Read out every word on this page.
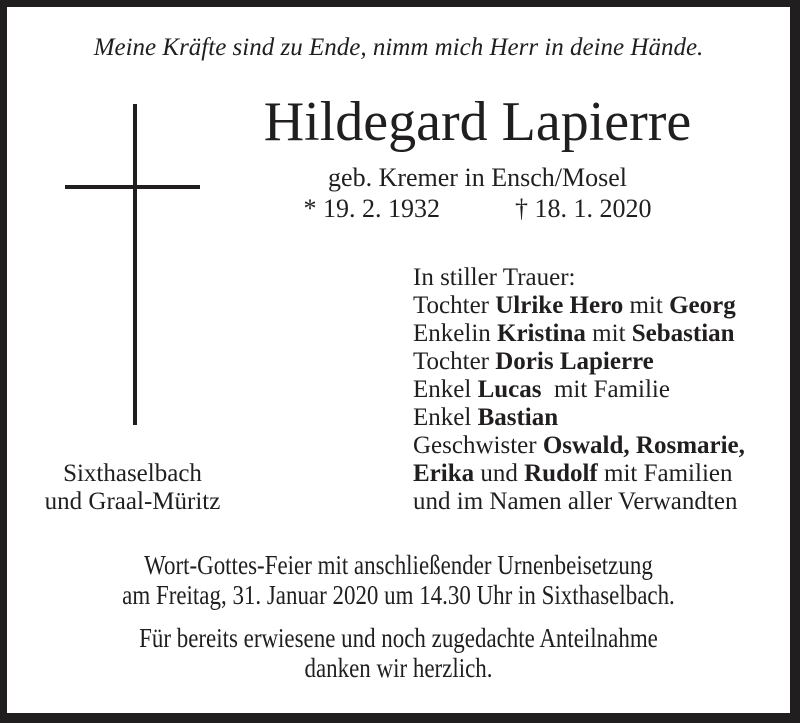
Meine Kräfte sind zu Ende, nimm mich Herr in deine Hände.
Hildegard Lapierre
geb. Kremer in Ensch/Mosel
* 19. 2. 1932	† 18. 1. 2020
In stiller Trauer:
Tochter Ulrike Hero mit Georg
Enkelin Kristina mit Sebastian
Tochter Doris Lapierre
Enkel Lucas  mit Familie
Enkel Bastian
Geschwister Oswald, Rosmarie,
Erika und Rudolf mit Familien
und im Namen aller Verwandten
Sixthaselbach
und Graal-Müritz
Wort-Gottes-Feier mit anschließender Urnenbeisetzung
am Freitag, 31. Januar 2020 um 14.30 Uhr in Sixthaselbach.
Für bereits erwiesene und noch zugedachte Anteilnahme
danken wir herzlich.
